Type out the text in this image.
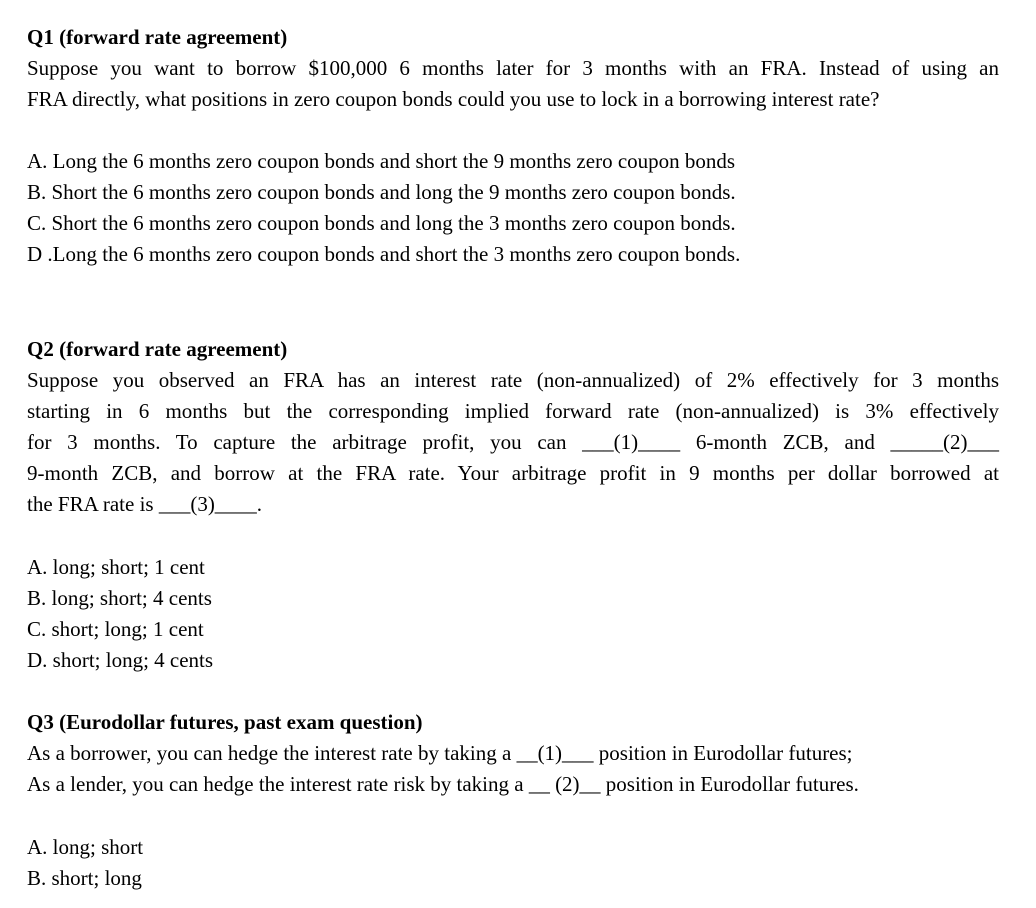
Q1 (forward rate agreement)
Suppose you want to borrow $100,000 6 months later for 3 months with an FRA. Instead of using an
FRA directly, what positions in zero coupon bonds could you use to lock in a borrowing interest rate?
A. Long the 6 months zero coupon bonds and short the 9 months zero coupon bonds
B. Short the 6 months zero coupon bonds and long the 9 months zero coupon bonds.
C. Short the 6 months zero coupon bonds and long the 3 months zero coupon bonds.
D .Long the 6 months zero coupon bonds and short the 3 months zero coupon bonds.
Q2 (forward rate agreement)
Suppose you observed an FRA has an interest rate (non-annualized) of 2% effectively for 3 months
starting in 6 months but the corresponding implied forward rate (non-annualized) is 3% effectively
for 3 months. To capture the arbitrage profit, you can ___(1)____ 6-month ZCB, and _____(2)___
9-month ZCB, and borrow at the FRA rate. Your arbitrage profit in 9 months per dollar borrowed at
the FRA rate is ___(3)____.
A. long; short; 1 cent
B. long; short; 4 cents
C. short; long; 1 cent
D. short; long; 4 cents
Q3 (Eurodollar futures, past exam question)
As a borrower, you can hedge the interest rate by taking a __(1)___ position in Eurodollar futures;
As a lender, you can hedge the interest rate risk by taking a __ (2)__ position in Eurodollar futures.
A. long; short
B. short; long
